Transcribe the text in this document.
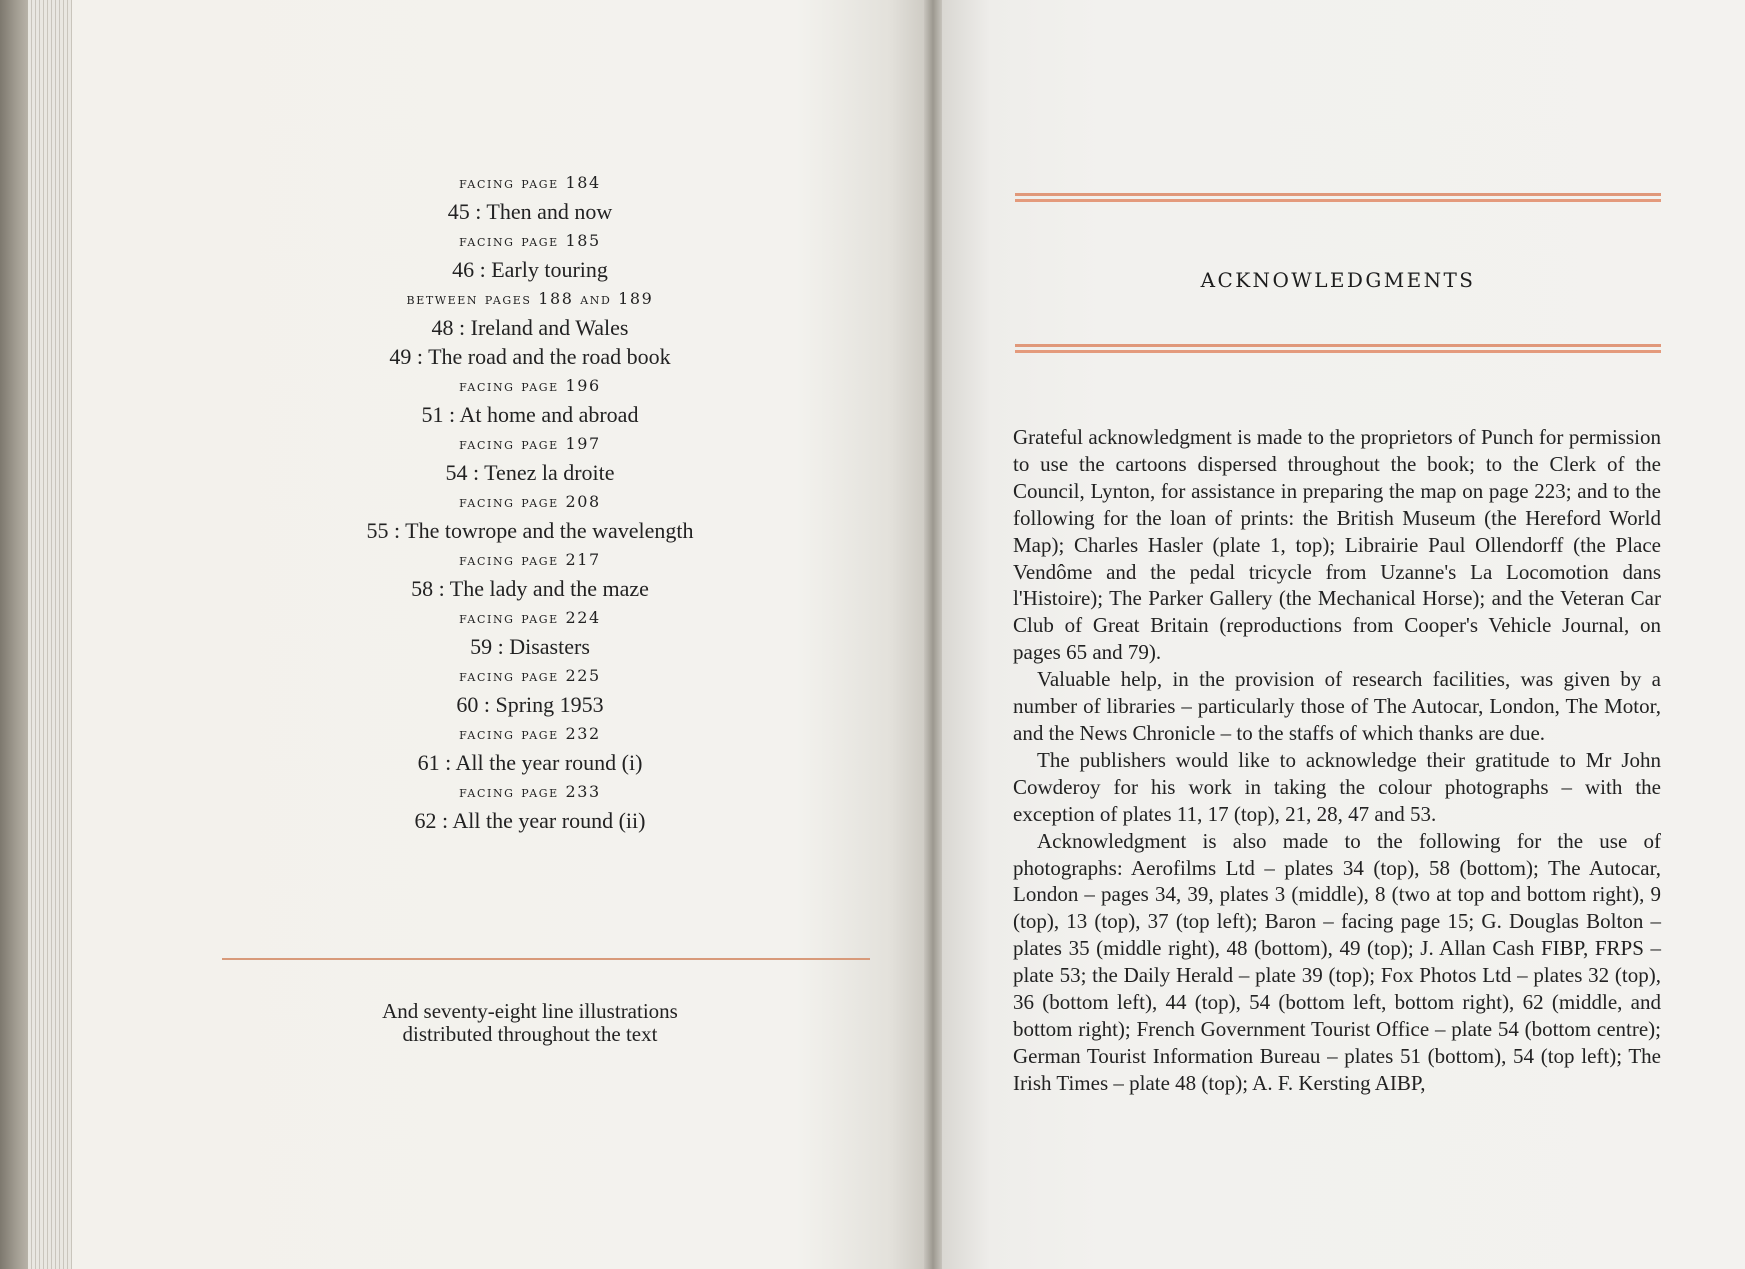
facing page 184
45 : Then and now
facing page 185
46 : Early touring
between pages 188 and 189
48 : Ireland and Wales
49 : The road and the road book
facing page 196
51 : At home and abroad
facing page 197
54 : Tenez la droite
facing page 208
55 : The towrope and the wavelength
facing page 217
58 : The lady and the maze
facing page 224
59 : Disasters
facing page 225
60 : Spring 1953
facing page 232
61 : All the year round (i)
facing page 233
62 : All the year round (ii)
And seventy-eight line illustrations
distributed throughout the text
ACKNOWLEDGMENTS

Grateful acknowledgment is made to the proprietors of Punch for permission to use the cartoons dispersed throughout the book; to the Clerk of the Council, Lynton, for assistance in preparing the map on page 223; and to the following for the loan of prints: the British Museum (the Hereford World Map); Charles Hasler (plate 1, top); Librairie Paul Ollendorff (the Place Vendôme and the pedal tricycle from Uzanne's La Locomotion dans l'Histoire); The Parker Gallery (the Mechanical Horse); and the Veteran Car Club of Great Britain (reproductions from Cooper's Vehicle Journal, on pages 65 and 79).

Valuable help, in the provision of research facilities, was given by a number of libraries – particularly those of The Autocar, London, The Motor, and the News Chronicle – to the staffs of which thanks are due.

The publishers would like to acknowledge their gratitude to Mr John Cowderoy for his work in taking the colour photographs – with the exception of plates 11, 17 (top), 21, 28, 47 and 53.

Acknowledgment is also made to the following for the use of photographs: Aerofilms Ltd – plates 34 (top), 58 (bottom); The Autocar, London – pages 34, 39, plates 3 (middle), 8 (two at top and bottom right), 9 (top), 13 (top), 37 (top left); Baron – facing page 15; G. Douglas Bolton – plates 35 (middle right), 48 (bottom), 49 (top); J. Allan Cash FIBP, FRPS – plate 53; the Daily Herald – plate 39 (top); Fox Photos Ltd – plates 32 (top), 36 (bottom left), 44 (top), 54 (bottom left, bottom right), 62 (middle, and bottom right); French Government Tourist Office – plate 54 (bottom centre); German Tourist Information Bureau – plates 51 (bottom), 54 (top left); The Irish Times – plate 48 (top); A. F. Kersting AIBP,
